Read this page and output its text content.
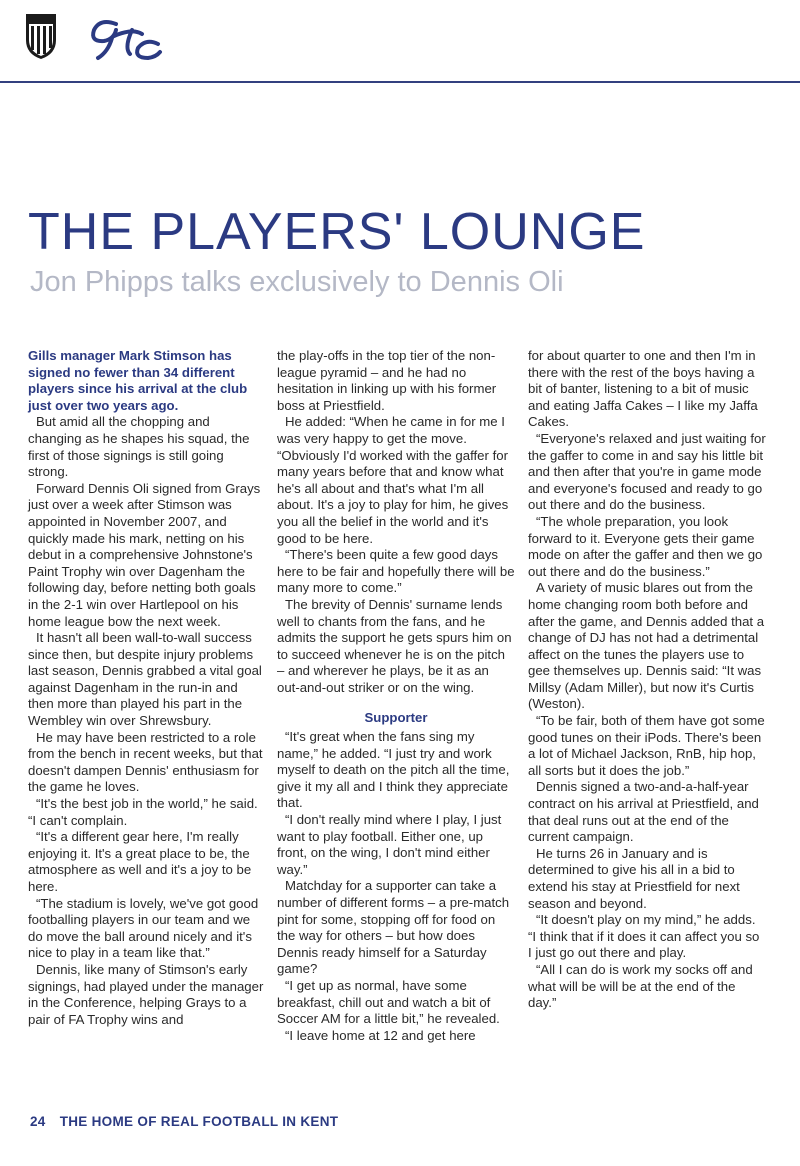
THE PLAYERS' LOUNGE
Jon Phipps talks exclusively to Dennis Oli

Gills manager Mark Stimson has signed no fewer than 34 different players since his arrival at the club just over two years ago.

But amid all the chopping and changing as he shapes his squad, the first of those signings is still going strong.

Forward Dennis Oli signed from Grays just over a week after Stimson was appointed in November 2007, and quickly made his mark, netting on his debut in a comprehensive Johnstone's Paint Trophy win over Dagenham the following day, before netting both goals in the 2-1 win over Hartlepool on his home league bow the next week.

It hasn't all been wall-to-wall success since then, but despite injury problems last season, Dennis grabbed a vital goal against Dagenham in the run-in and then more than played his part in the Wembley win over Shrewsbury.

He may have been restricted to a role from the bench in recent weeks, but that doesn't dampen Dennis' enthusiasm for the game he loves.

“It's the best job in the world,” he said. “I can't complain.

“It's a different gear here, I'm really enjoying it. It's a great place to be, the atmosphere as well and it's a joy to be here.

“The stadium is lovely, we've got good footballing players in our team and we do move the ball around nicely and it's nice to play in a team like that.”

Dennis, like many of Stimson's early signings, had played under the manager in the Conference, helping Grays to a pair of FA Trophy wins and

the play-offs in the top tier of the non-league pyramid – and he had no hesitation in linking up with his former boss at Priestfield.

He added: “When he came in for me I was very happy to get the move. “Obviously I'd worked with the gaffer for many years before that and know what he's all about and that's what I'm all about. It's a joy to play for him, he gives you all the belief in the world and it's good to be here.

“There's been quite a few good days here to be fair and hopefully there will be many more to come.”

The brevity of Dennis' surname lends well to chants from the fans, and he admits the support he gets spurs him on to succeed whenever he is on the pitch – and wherever he plays, be it as an out-and-out striker or on the wing.

Supporter

“It's great when the fans sing my name,” he added. “I just try and work myself to death on the pitch all the time, give it my all and I think they appreciate that.

“I don't really mind where I play, I just want to play football. Either one, up front, on the wing, I don't mind either way.”

Matchday for a supporter can take a number of different forms – a pre-match pint for some, stopping off for food on the way for others – but how does Dennis ready himself for a Saturday game?

“I get up as normal, have some breakfast, chill out and watch a bit of Soccer AM for a little bit,” he revealed.

“I leave home at 12 and get here

for about quarter to one and then I'm in there with the rest of the boys having a bit of banter, listening to a bit of music and eating Jaffa Cakes – I like my Jaffa Cakes.

“Everyone's relaxed and just waiting for the gaffer to come in and say his little bit and then after that you're in game mode and everyone's focused and ready to go out there and do the business.

“The whole preparation, you look forward to it. Everyone gets their game mode on after the gaffer and then we go out there and do the business.”

A variety of music blares out from the home changing room both before and after the game, and Dennis added that a change of DJ has not had a detrimental affect on the tunes the players use to gee themselves up. Dennis said: “It was Millsy (Adam Miller), but now it's Curtis (Weston).

“To be fair, both of them have got some good tunes on their iPods. There's been a lot of Michael Jackson, RnB, hip hop, all sorts but it does the job.”

Dennis signed a two-and-a-half-year contract on his arrival at Priestfield, and that deal runs out at the end of the current campaign.

He turns 26 in January and is determined to give his all in a bid to extend his stay at Priestfield for next season and beyond.

“It doesn't play on my mind,” he adds. “I think that if it does it can affect you so I just go out there and play.

“All I can do is work my socks off and what will be will be at the end of the day.”

24 THE HOME OF REAL FOOTBALL IN KENT
